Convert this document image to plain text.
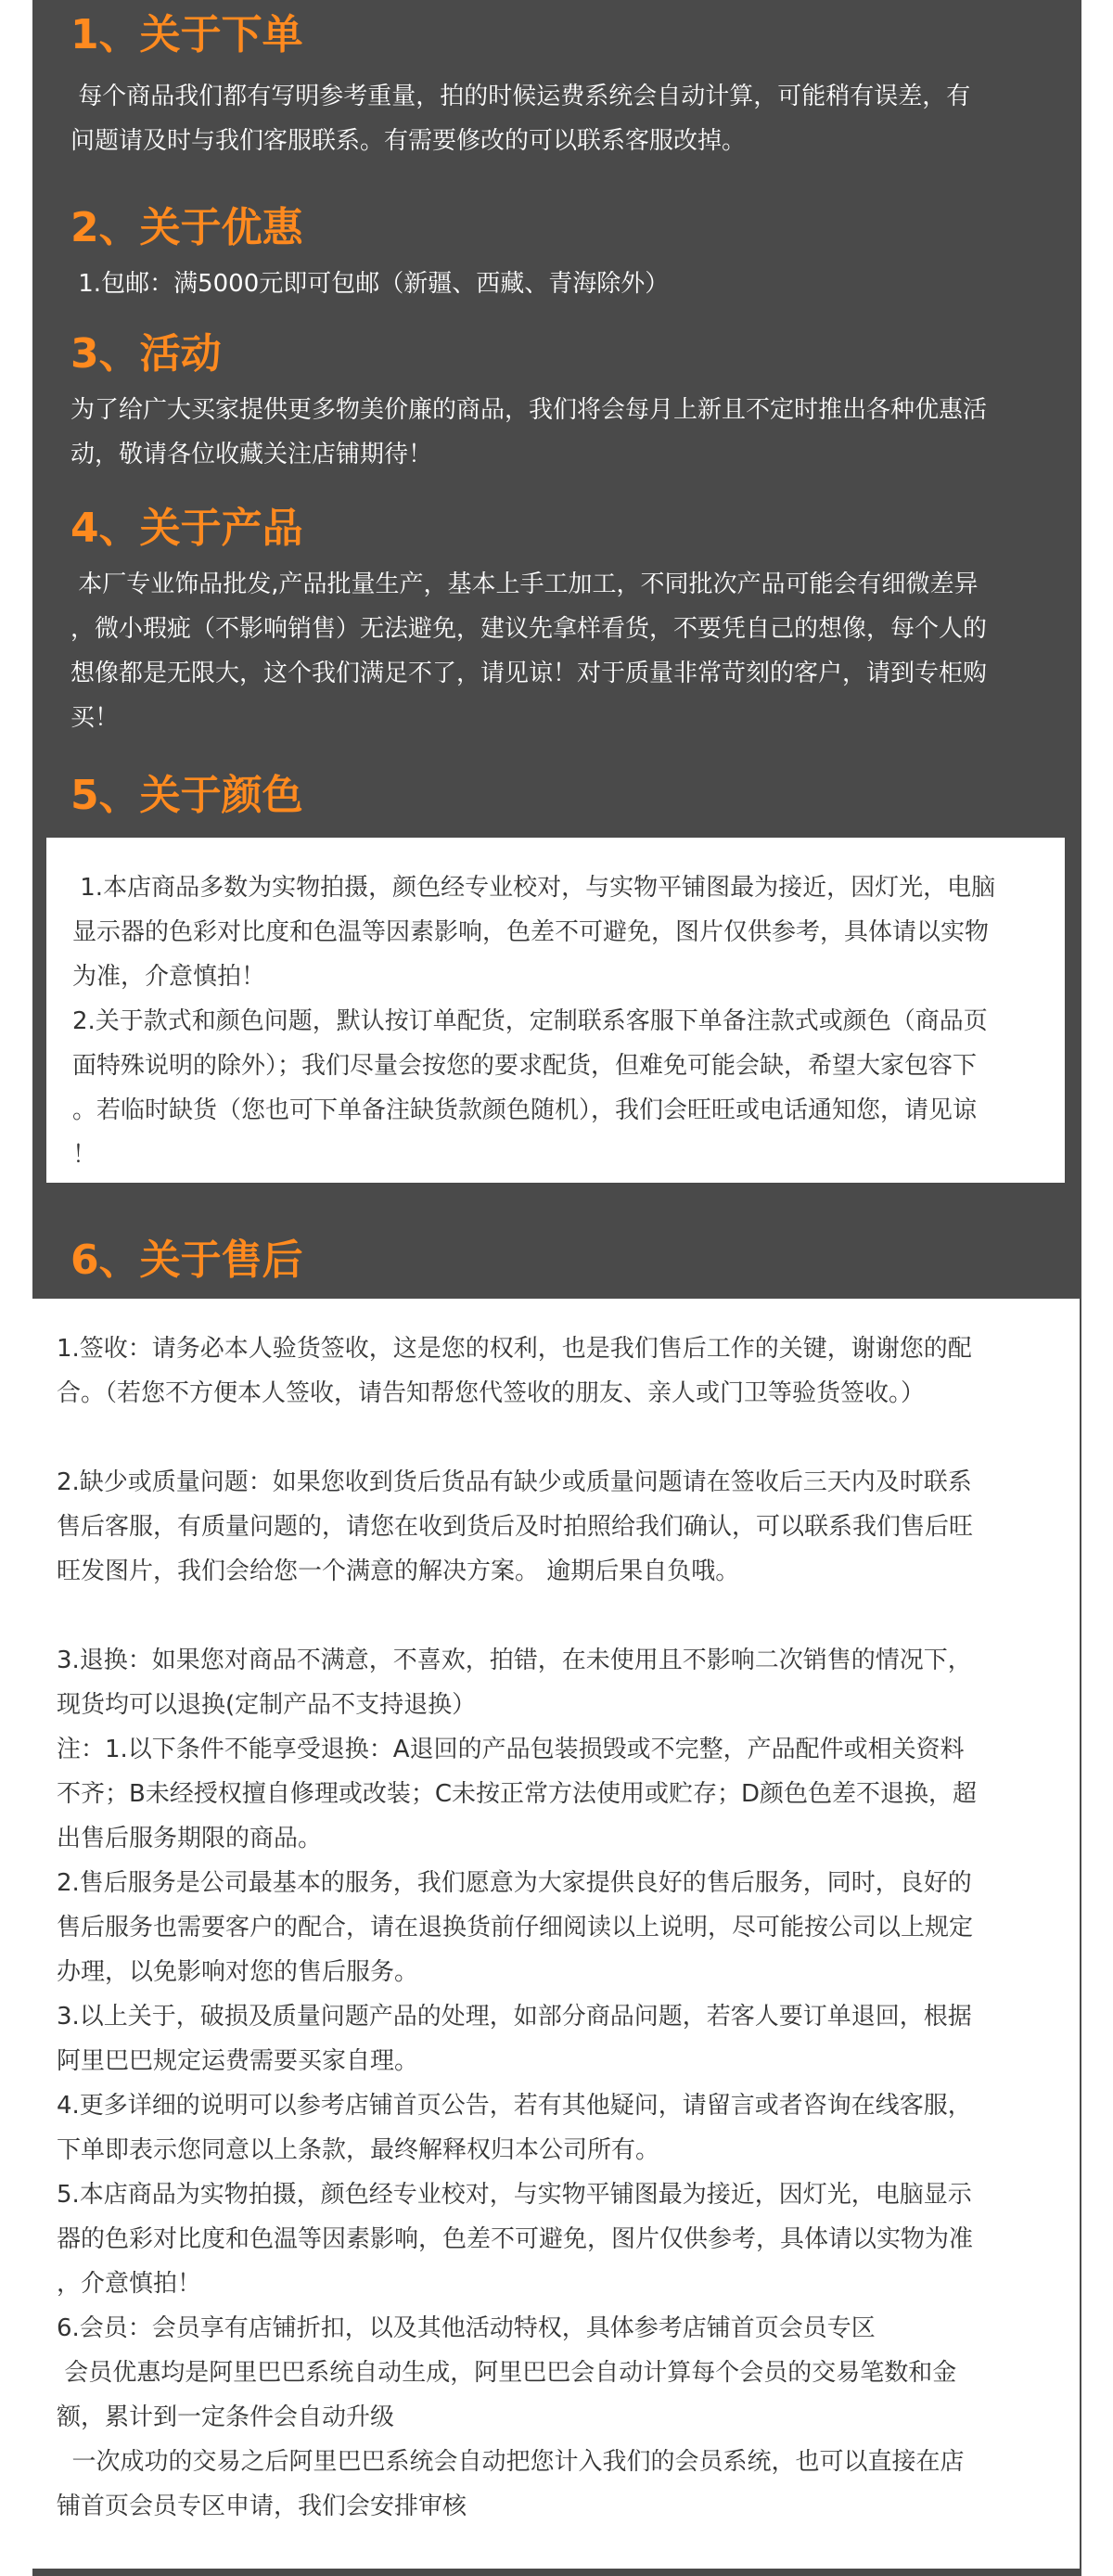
1、关于下单

每个商品我们都有写明参考重量，拍的时候运费系统会自动计算，可能稍有误差，有
问题请及时与我们客服联系。有需要修改的可以联系客服改掉。

2、关于优惠

1.包邮：满5000元即可包邮（新疆、西藏、青海除外）

3、活动

为了给广大买家提供更多物美价廉的商品，我们将会每月上新且不定时推出各种优惠活
动，敬请各位收藏关注店铺期待！

4、关于产品

本厂专业饰品批发,产品批量生产，基本上手工加工，不同批次产品可能会有细微差异
，微小瑕疵（不影响销售）无法避免，建议先拿样看货，不要凭自己的想像，每个人的
想像都是无限大，这个我们满足不了，请见谅！对于质量非常苛刻的客户，请到专柜购
买！

5、关于颜色

1.本店商品多数为实物拍摄，颜色经专业校对，与实物平铺图最为接近，因灯光，电脑
显示器的色彩对比度和色温等因素影响，色差不可避免，图片仅供参考，具体请以实物
为准，介意慎拍！
2.关于款式和颜色问题，默认按订单配货，定制联系客服下单备注款式或颜色（商品页
面特殊说明的除外）；我们尽量会按您的要求配货，但难免可能会缺，希望大家包容下
。若临时缺货（您也可下单备注缺货款颜色随机），我们会旺旺或电话通知您，请见谅
！

6、关于售后

1.签收：请务必本人验货签收，这是您的权利，也是我们售后工作的关键，谢谢您的配
合。（若您不方便本人签收，请告知帮您代签收的朋友、亲人或门卫等验货签收。）

2.缺少或质量问题：如果您收到货后货品有缺少或质量问题请在签收后三天内及时联系
售后客服，有质量问题的，请您在收到货后及时拍照给我们确认，可以联系我们售后旺
旺发图片，我们会给您一个满意的解决方案。 逾期后果自负哦。

3.退换：如果您对商品不满意，不喜欢，拍错，在未使用且不影响二次销售的情况下，
现货均可以退换(定制产品不支持退换）
注：1.以下条件不能享受退换：A退回的产品包装损毁或不完整，产品配件或相关资料
不齐；B未经授权擅自修理或改装；C未按正常方法使用或贮存；D颜色色差不退换，超
出售后服务期限的商品。
2.售后服务是公司最基本的服务，我们愿意为大家提供良好的售后服务，同时，良好的
售后服务也需要客户的配合，请在退换货前仔细阅读以上说明，尽可能按公司以上规定
办理，以免影响对您的售后服务。
3.以上关于，破损及质量问题产品的处理，如部分商品问题，若客人要订单退回，根据
阿里巴巴规定运费需要买家自理。
4.更多详细的说明可以参考店铺首页公告，若有其他疑问，请留言或者咨询在线客服，
下单即表示您同意以上条款，最终解释权归本公司所有。
5.本店商品为实物拍摄，颜色经专业校对，与实物平铺图最为接近，因灯光，电脑显示
器的色彩对比度和色温等因素影响，色差不可避免，图片仅供参考，具体请以实物为准
，介意慎拍！
6.会员：会员享有店铺折扣，以及其他活动特权，具体参考店铺首页会员专区
会员优惠均是阿里巴巴系统自动生成，阿里巴巴会自动计算每个会员的交易笔数和金
额，累计到一定条件会自动升级
一次成功的交易之后阿里巴巴系统会自动把您计入我们的会员系统，也可以直接在店
铺首页会员专区申请，我们会安排审核
